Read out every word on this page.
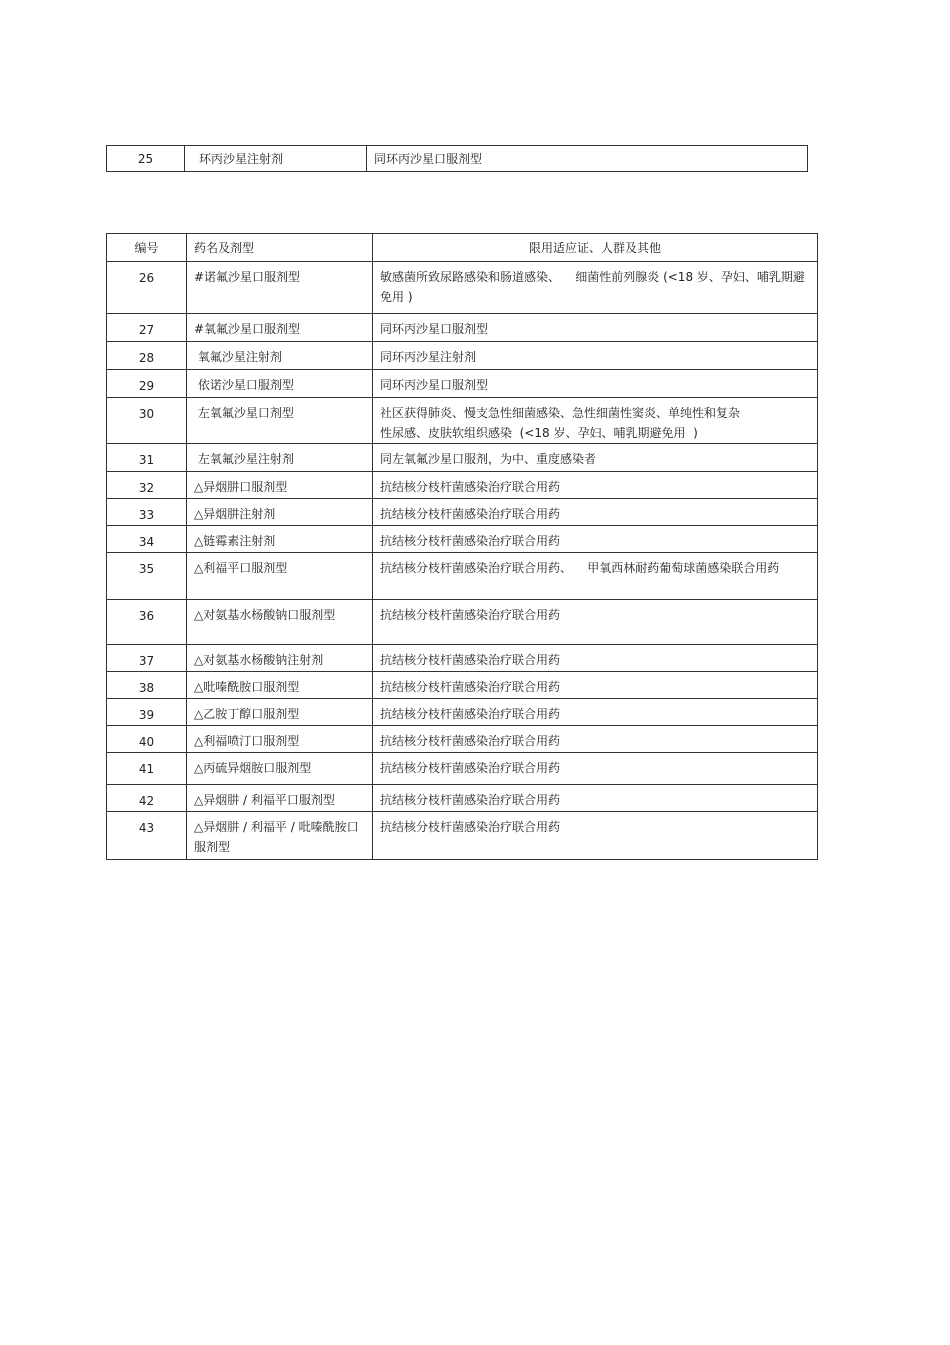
25	环丙沙星注射剂	同环丙沙星口服剂型
编号	药名及剂型	限用适应证、人群及其他
26	#诺氟沙星口服剂型	敏感菌所致尿路感染和肠道感染、    细菌性前列腺炎 (<18 岁、孕妇、哺乳期避免用 )
27	#氧氟沙星口服剂型	同环丙沙星口服剂型
28	氧氟沙星注射剂	同环丙沙星注射剂
29	依诺沙星口服剂型	同环丙沙星口服剂型
30	左氧氟沙星口剂型	社区获得肺炎、慢支急性细菌感染、急性细菌性窦炎、单纯性和复杂
性尿感、皮肤软组织感染  (<18 岁、孕妇、哺乳期避免用  )
31	左氧氟沙星注射剂	同左氧氟沙星口服剂，为中、重度感染者
32	△异烟肼口服剂型	抗结核分枝杆菌感染治疗联合用药
33	△异烟肼注射剂	抗结核分枝杆菌感染治疗联合用药
34	△链霉素注射剂	抗结核分枝杆菌感染治疗联合用药
35	△利福平口服剂型	抗结核分枝杆菌感染治疗联合用药、    甲氧西林耐药葡萄球菌感染联合用药
36	△对氨基水杨酸钠口服剂型	抗结核分枝杆菌感染治疗联合用药
37	△对氨基水杨酸钠注射剂	抗结核分枝杆菌感染治疗联合用药
38	△吡嗪酰胺口服剂型	抗结核分枝杆菌感染治疗联合用药
39	△乙胺丁醇口服剂型	抗结核分枝杆菌感染治疗联合用药
40	△利福喷汀口服剂型	抗结核分枝杆菌感染治疗联合用药
41	△丙硫异烟胺口服剂型	抗结核分枝杆菌感染治疗联合用药
42	△异烟肼 / 利福平口服剂型	抗结核分枝杆菌感染治疗联合用药
43	△异烟肼 / 利福平 / 吡嗪酰胺口服剂型	抗结核分枝杆菌感染治疗联合用药
